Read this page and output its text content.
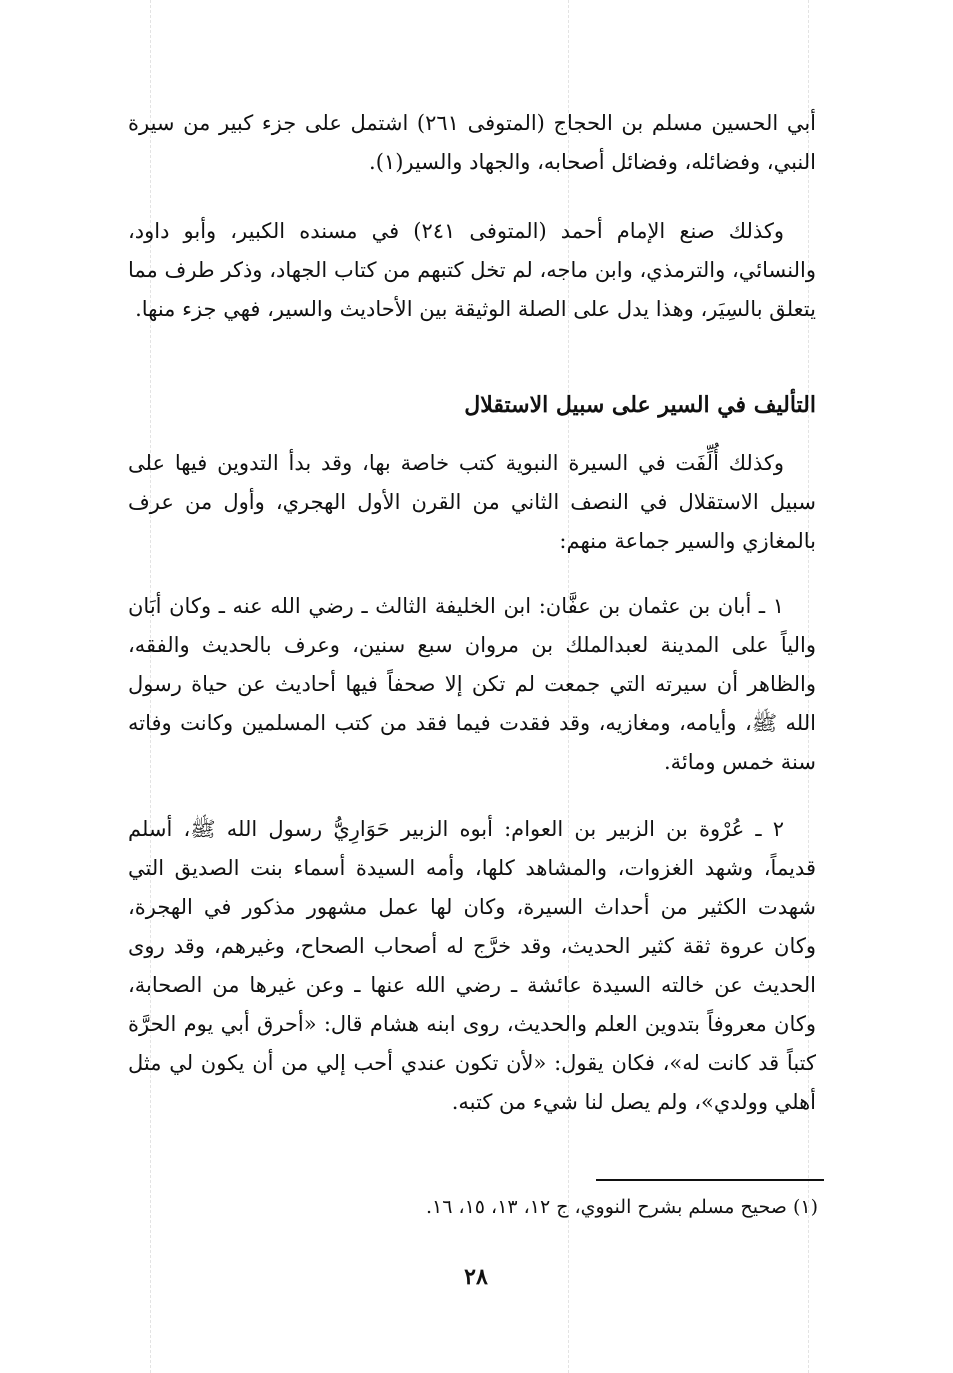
أبي الحسين مسلم بن الحجاج (المتوفى ٢٦١) اشتمل على جزء كبير من سيرة النبي، وفضائله، وفضائل أصحابه، والجهاد والسير(١).
وكذلك صنع الإمام أحمد (المتوفى ٢٤١) في مسنده الكبير، وأبو داود، والنسائي، والترمذي، وابن ماجه، لم تخل كتبهم من كتاب الجهاد، وذكر طرف مما يتعلق بالسِيَر، وهذا يدل على الصلة الوثيقة بين الأحاديث والسير، فهي جزء منها.
التأليف في السير على سبيل الاستقلال
وكذلك أُلِّفَت في السيرة النبوية كتب خاصة بها، وقد بدأ التدوين فيها على سبيل الاستقلال في النصف الثاني من القرن الأول الهجري، وأول من عرف بالمغازي والسير جماعة منهم:
١ ـ أبان بن عثمان بن عفَّان: ابن الخليفة الثالث ـ رضي الله عنه ـ وكان أبَان والياً على المدينة لعبدالملك بن مروان سبع سنين، وعرف بالحديث والفقه، والظاهر أن سيرته التي جمعت لم تكن إلا صحفاً فيها أحاديث عن حياة رسول الله ﷺ، وأيامه، ومغازيه، وقد فقدت فيما فقد من كتب المسلمين وكانت وفاته سنة خمس ومائة.
٢ ـ عُرْوة بن الزبير بن العوام: أبوه الزبير حَوَارِيُّ رسول الله ﷺ، أسلم قديماً، وشهد الغزوات، والمشاهد كلها، وأمه السيدة أسماء بنت الصديق التي شهدت الكثير من أحداث السيرة، وكان لها عمل مشهور مذكور في الهجرة، وكان عروة ثقة كثير الحديث، وقد خرَّج له أصحاب الصحاح، وغيرهم، وقد روى الحديث عن خالته السيدة عائشة ـ رضي الله عنها ـ وعن غيرها من الصحابة، وكان معروفاً بتدوين العلم والحديث، روى ابنه هشام قال: «أحرق أبي يوم الحرَّة كتباً قد كانت له»، فكان يقول: «لأن تكون عندي أحب إلي من أن يكون لي مثل أهلي وولدي»، ولم يصل لنا شيء من كتبه.
(١) صحيح مسلم بشرح النووي، ج ١٢، ١٣، ١٥، ١٦.
٢٨
